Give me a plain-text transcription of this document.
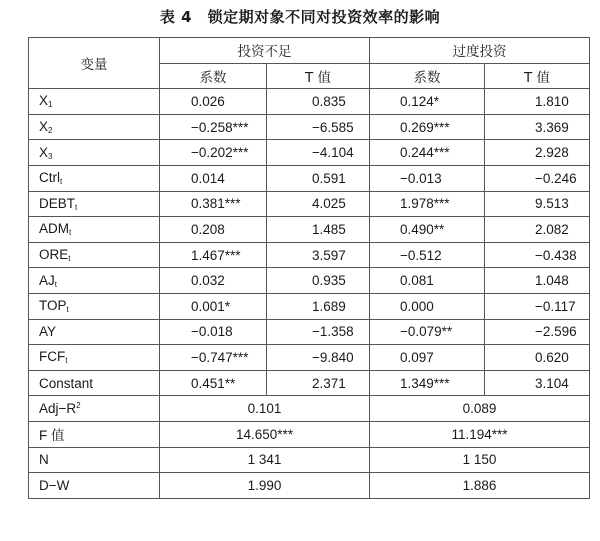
表 4　锁定期对象不同对投资效率的影响
变量	投资不足		过度投资	
	系数	T 值	系数	T 值
$X_1$	0.026	0.835	0.124*	1.810
$X_2$	−0.258***	−6.585	0.269***	3.369
$X_3$	−0.202***	−4.104	0.244***	2.928
Ctrl$_t$	0.014	0.591	−0.013	−0.246
$DEBT_t$	0.381***	4.025	1.978***	9.513
$ADM_t$	0.208	1.485	0.490**	2.082
$ORE_t$	1.467***	3.597	−0.512	−0.438
$AJ_t$	0.032	0.935	0.081	1.048
$TOP_t$	0.001*	1.689	0.000	−0.117
AY	−0.018	−1.358	−0.079**	−2.596
$FCF_t$	−0.747***	−9.840	0.097	0.620
Constant	0.451**	2.371	1.349***	3.104
$Adj-R^2$	0.101		0.089	
F 值	14.650***		11.194***	
N	1 341		1 150	
D−W	1.990		1.886	
